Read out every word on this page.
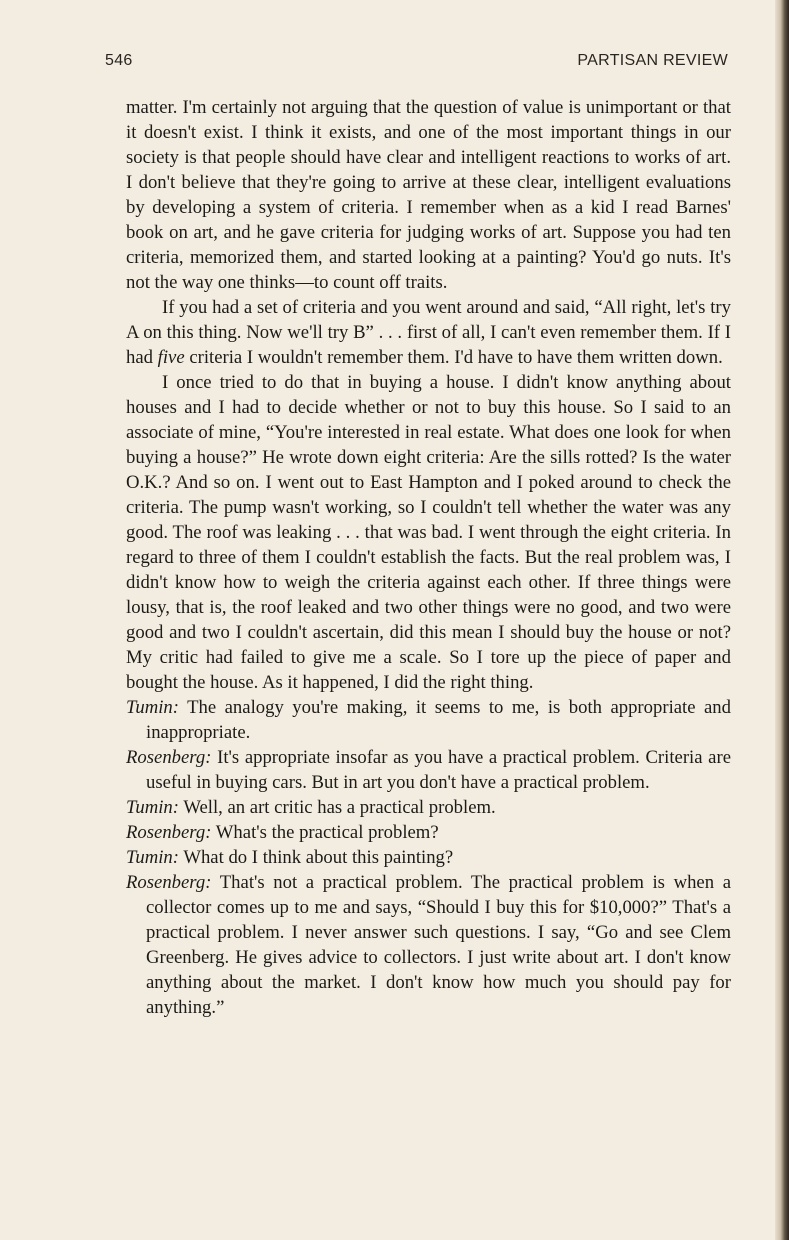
546	PARTISAN REVIEW

matter. I'm certainly not arguing that the question of value is unimportant or that it doesn't exist. I think it exists, and one of the most important things in our society is that people should have clear and intelligent reactions to works of art. I don't believe that they're going to arrive at these clear, intelligent evaluations by developing a system of criteria. I remember when as a kid I read Barnes' book on art, and he gave criteria for judging works of art. Suppose you had ten criteria, memorized them, and started looking at a painting? You'd go nuts. It's not the way one thinks—to count off traits.

If you had a set of criteria and you went around and said, “All right, let's try A on this thing. Now we'll try B” . . . first of all, I can't even remember them. If I had five criteria I wouldn't remember them. I'd have to have them written down.

I once tried to do that in buying a house. I didn't know anything about houses and I had to decide whether or not to buy this house. So I said to an associate of mine, “You're interested in real estate. What does one look for when buying a house?” He wrote down eight criteria: Are the sills rotted? Is the water O.K.? And so on. I went out to East Hampton and I poked around to check the criteria. The pump wasn't working, so I couldn't tell whether the water was any good. The roof was leaking . . . that was bad. I went through the eight criteria. In regard to three of them I couldn't establish the facts. But the real problem was, I didn't know how to weigh the criteria against each other. If three things were lousy, that is, the roof leaked and two other things were no good, and two were good and two I couldn't ascertain, did this mean I should buy the house or not? My critic had failed to give me a scale. So I tore up the piece of paper and bought the house. As it happened, I did the right thing.

Tumin: The analogy you're making, it seems to me, is both appropriate and inappropriate.

Rosenberg: It's appropriate insofar as you have a practical problem. Criteria are useful in buying cars. But in art you don't have a practical problem.

Tumin: Well, an art critic has a practical problem.

Rosenberg: What's the practical problem?

Tumin: What do I think about this painting?

Rosenberg: That's not a practical problem. The practical problem is when a collector comes up to me and says, “Should I buy this for $10,000?” That's a practical problem. I never answer such questions. I say, “Go and see Clem Greenberg. He gives advice to collectors. I just write about art. I don't know anything about the market. I don't know how much you should pay for anything.”
